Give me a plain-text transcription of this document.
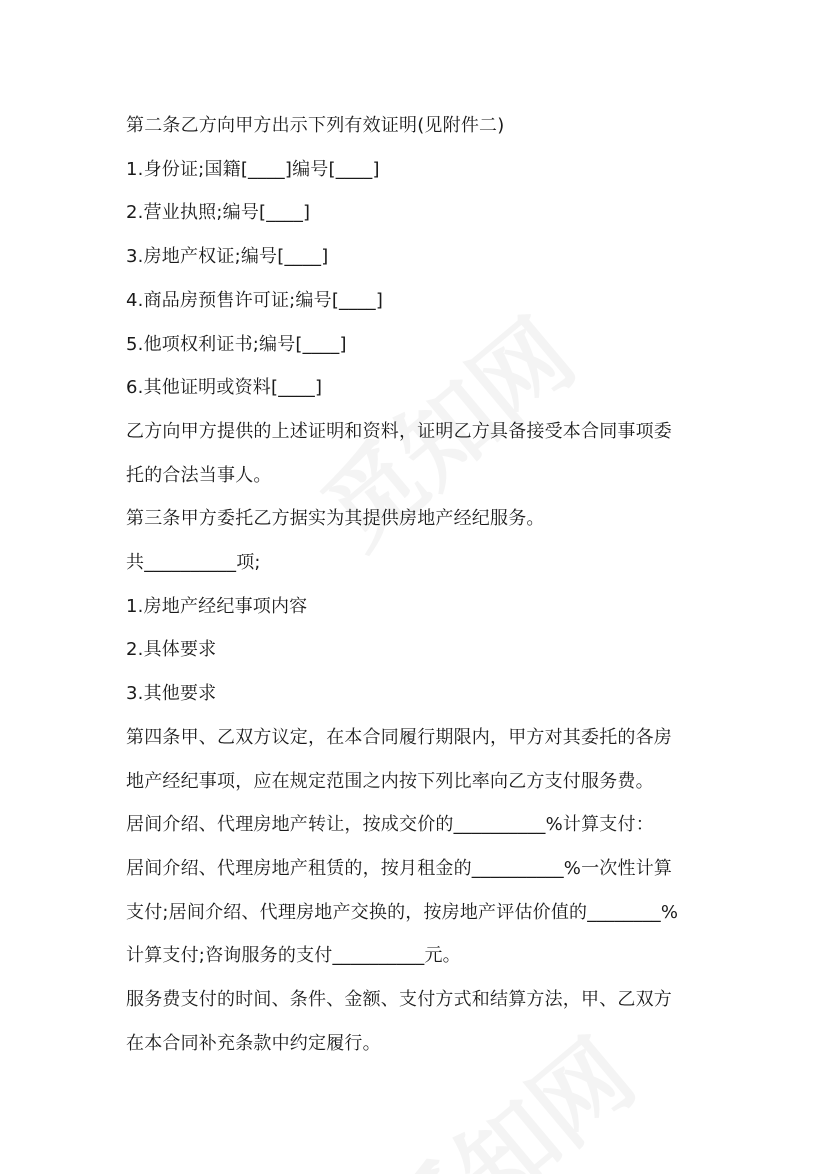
第二条乙方向甲方出示下列有效证明(见附件二)
1.身份证;国籍[____]编号[____]
2.营业执照;编号[____]
3.房地产权证;编号[____]
4.商品房预售许可证;编号[____]
5.他项权利证书;编号[____]
6.其他证明或资料[____]
乙方向甲方提供的上述证明和资料，证明乙方具备接受本合同事项委
托的合法当事人。
第三条甲方委托乙方据实为其提供房地产经纪服务。
共__________项;
1.房地产经纪事项内容
2.具体要求
3.其他要求
第四条甲、乙双方议定，在本合同履行期限内，甲方对其委托的各房
地产经纪事项，应在规定范围之内按下列比率向乙方支付服务费。
居间介绍、代理房地产转让，按成交价的__________%计算支付：
居间介绍、代理房地产租赁的，按月租金的__________%一次性计算
支付;居间介绍、代理房地产交换的，按房地产评估价值的________%
计算支付;咨询服务的支付__________元。
服务费支付的时间、条件、金额、支付方式和结算方法，甲、乙双方
在本合同补充条款中约定履行。
